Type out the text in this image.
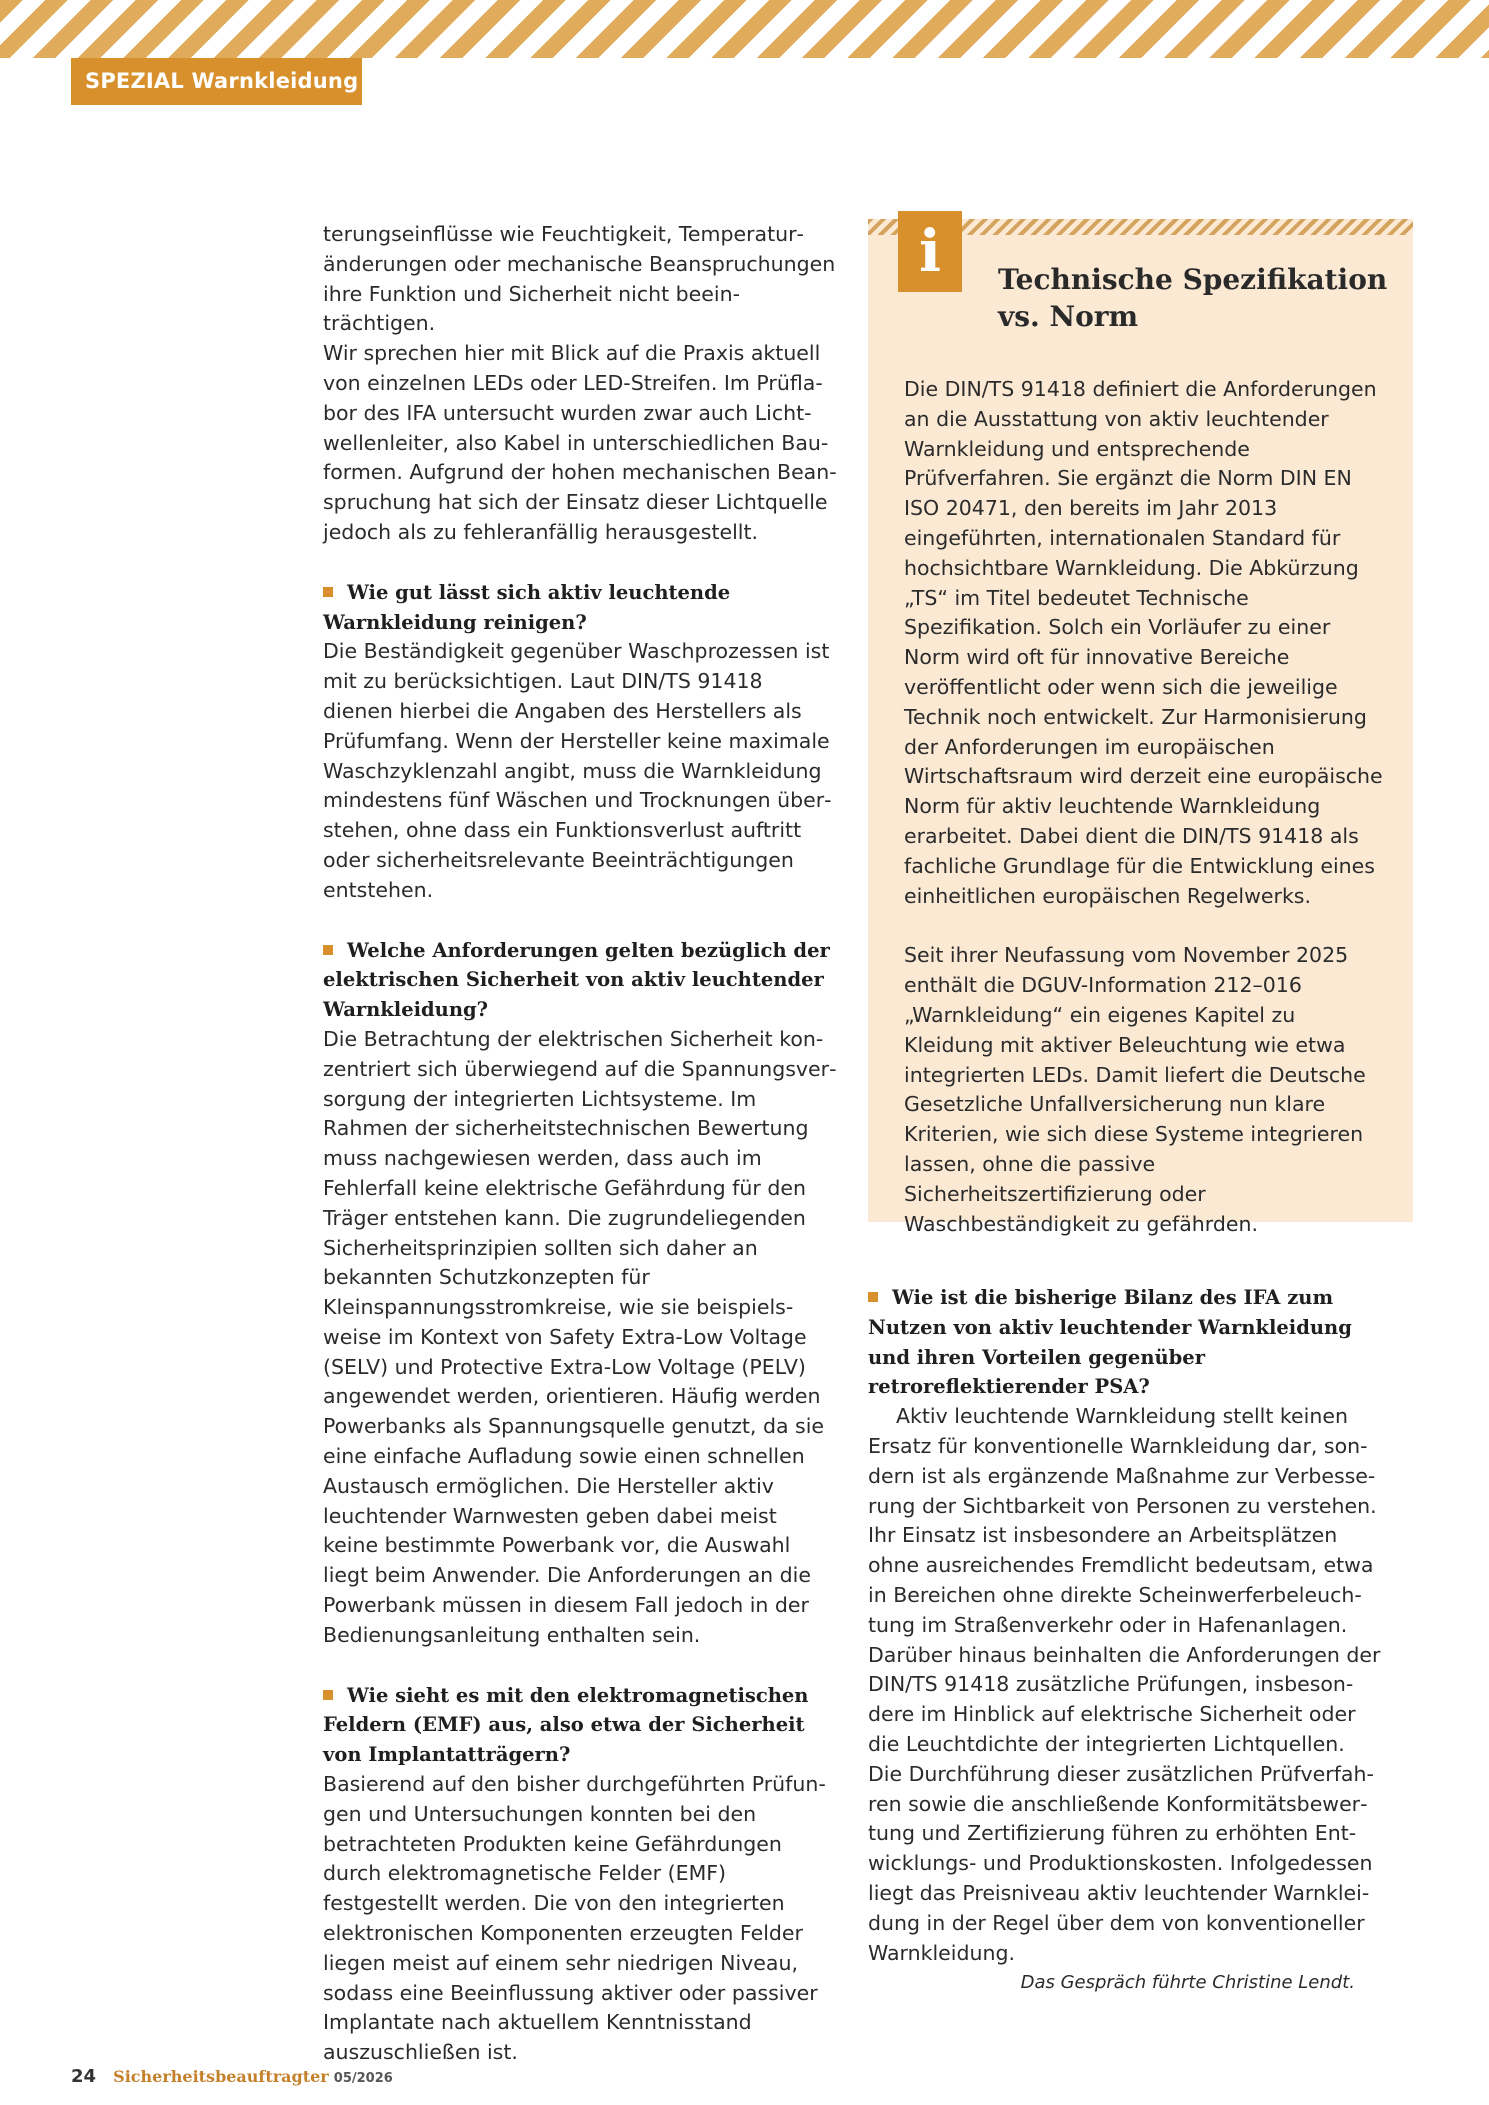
SPEZIAL Warnkleidung

terungseinflüsse wie Feuchtigkeit, Temperaturänderungen oder mechanische Beanspruchungen ihre Funktion und Sicherheit nicht beeinträchtigen.

Wir sprechen hier mit Blick auf die Praxis aktuell von einzelnen LEDs oder LED-Streifen. Im Prüflabor des IFA untersucht wurden zwar auch Lichtwellenleiter, also Kabel in unterschiedlichen Bauformen. Aufgrund der hohen mechanischen Beanspruchung hat sich der Einsatz dieser Lichtquelle jedoch als zu fehleranfällig herausgestellt.

Wie gut lässt sich aktiv leuchtende Warnkleidung reinigen?

Die Beständigkeit gegenüber Waschprozessen ist mit zu berücksichtigen. Laut DIN/TS 91418 dienen hierbei die Angaben des Herstellers als Prüfumfang. Wenn der Hersteller keine maximale Waschzyklenzahl angibt, muss die Warnkleidung mindestens fünf Wäschen und Trocknungen überstehen, ohne dass ein Funktionsverlust auftritt oder sicherheitsrelevante Beeinträchtigungen entstehen.

Welche Anforderungen gelten bezüglich der elektrischen Sicherheit von aktiv leuchtender Warnkleidung?

Die Betrachtung der elektrischen Sicherheit konzentriert sich überwiegend auf die Spannungsversorgung der integrierten Lichtsysteme. Im Rahmen der sicherheitstechnischen Bewertung muss nachgewiesen werden, dass auch im Fehlerfall keine elektrische Gefährdung für den Träger entstehen kann. Die zugrundeliegenden Sicherheitsprinzipien sollten sich daher an bekannten Schutzkonzepten für Kleinspannungsstromkreise, wie sie beispielsweise im Kontext von Safety Extra-Low Voltage (SELV) und Protective Extra-Low Voltage (PELV) angewendet werden, orientieren. Häufig werden Powerbanks als Spannungsquelle genutzt, da sie eine einfache Aufladung sowie einen schnellen Austausch ermöglichen. Die Hersteller aktiv leuchtender Warnwesten geben dabei meist keine bestimmte Powerbank vor, die Auswahl liegt beim Anwender. Die Anforderungen an die Powerbank müssen in diesem Fall jedoch in der Bedienungsanleitung enthalten sein.

Wie sieht es mit den elektromagnetischen Feldern (EMF) aus, also etwa der Sicherheit von Implantatträgern?

Basierend auf den bisher durchgeführten Prüfungen und Untersuchungen konnten bei den betrachteten Produkten keine Gefährdungen durch elektromagnetische Felder (EMF) festgestellt werden. Die von den integrierten elektronischen Komponenten erzeugten Felder liegen meist auf einem sehr niedrigen Niveau, sodass eine Beeinflussung aktiver oder passiver Implantate nach aktuellem Kenntnisstand auszuschließen ist.

i	Technische Spezifikation vs. Norm

Die DIN/TS 91418 definiert die Anforderungen an die Ausstattung von aktiv leuchtender Warnkleidung und entsprechende Prüfverfahren. Sie ergänzt die Norm DIN EN ISO 20471, den bereits im Jahr 2013 eingeführten, internationalen Standard für hochsichtbare Warnkleidung. Die Abkürzung „TS“ im Titel bedeutet Technische Spezifikation. Solch ein Vorläufer zu einer Norm wird oft für innovative Bereiche veröffentlicht oder wenn sich die jeweilige Technik noch entwickelt. Zur Harmonisierung der Anforderungen im europäischen Wirtschaftsraum wird derzeit eine europäische Norm für aktiv leuchtende Warnkleidung erarbeitet. Dabei dient die DIN/TS 91418 als fachliche Grundlage für die Entwicklung eines einheitlichen europäischen Regelwerks.

Seit ihrer Neufassung vom November 2025 enthält die DGUV-Information 212–016 „Warnkleidung“ ein eigenes Kapitel zu Kleidung mit aktiver Beleuchtung wie etwa integrierten LEDs. Damit liefert die Deutsche Gesetzliche Unfallversicherung nun klare Kriterien, wie sich diese Systeme integrieren lassen, ohne die passive Sicherheitszertifizierung oder Waschbeständigkeit zu gefährden.

Wie ist die bisherige Bilanz des IFA zum Nutzen von aktiv leuchtender Warnkleidung und ihren Vorteilen gegenüber retroreflektierender PSA?

Aktiv leuchtende Warnkleidung stellt keinen Ersatz für konventionelle Warnkleidung dar, sondern ist als ergänzende Maßnahme zur Verbesserung der Sichtbarkeit von Personen zu verstehen. Ihr Einsatz ist insbesondere an Arbeitsplätzen ohne ausreichendes Fremdlicht bedeutsam, etwa in Bereichen ohne direkte Scheinwerferbeleuchtung im Straßenverkehr oder in Hafenanlagen. Darüber hinaus beinhalten die Anforderungen der DIN/TS 91418 zusätzliche Prüfungen, insbesondere im Hinblick auf elektrische Sicherheit oder die Leuchtdichte der integrierten Lichtquellen. Die Durchführung dieser zusätzlichen Prüfverfahren sowie die anschließende Konformitätsbewertung und Zertifizierung führen zu erhöhten Entwicklungs- und Produktionskosten. Infolgedessen liegt das Preisniveau aktiv leuchtender Warnkleidung in der Regel über dem von konventioneller Warnkleidung.

Das Gespräch führte Christine Lendt.

24 Sicherheitsbeauftragter 05/2026
